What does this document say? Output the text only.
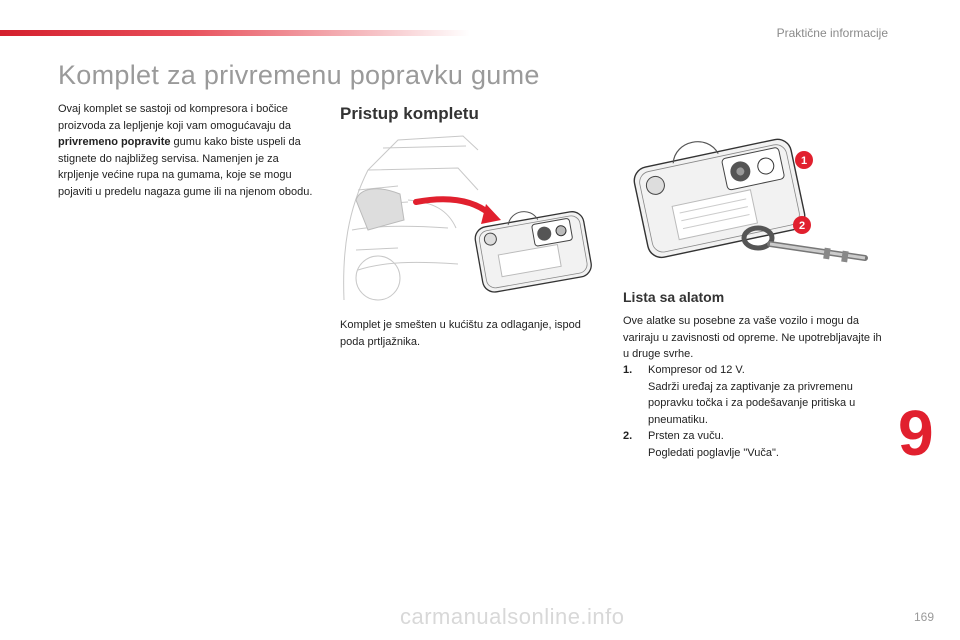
Praktične informacije
Komplet za privremenu popravku gume
Ovaj komplet se sastoji od kompresora i bočice proizvoda za lepljenje koji vam omogućavaju da privremeno popravite gumu kako biste uspeli da stignete do najbližeg servisa. Namenjen je za krpljenje većine rupa na gumama, koje se mogu pojaviti u predelu nagaza gume ili na njenom obodu.
Pristup kompletu
Komplet je smešten u kućištu za odlaganje, ispod poda prtljažnika.
1
2
Lista sa alatom
Ove alatke su posebne za vaše vozilo i mogu da variraju u zavisnosti od opreme. Ne upotrebljavajte ih u druge svrhe.
1.	Kompresor od 12 V.
Sadrži uređaj za zaptivanje za privremenu popravku točka i za podešavanje pritiska u pneumatiku.
2.	Prsten za vuču.
Pogledati poglavlje "Vuča".	9
carmanualsonline.info	169
